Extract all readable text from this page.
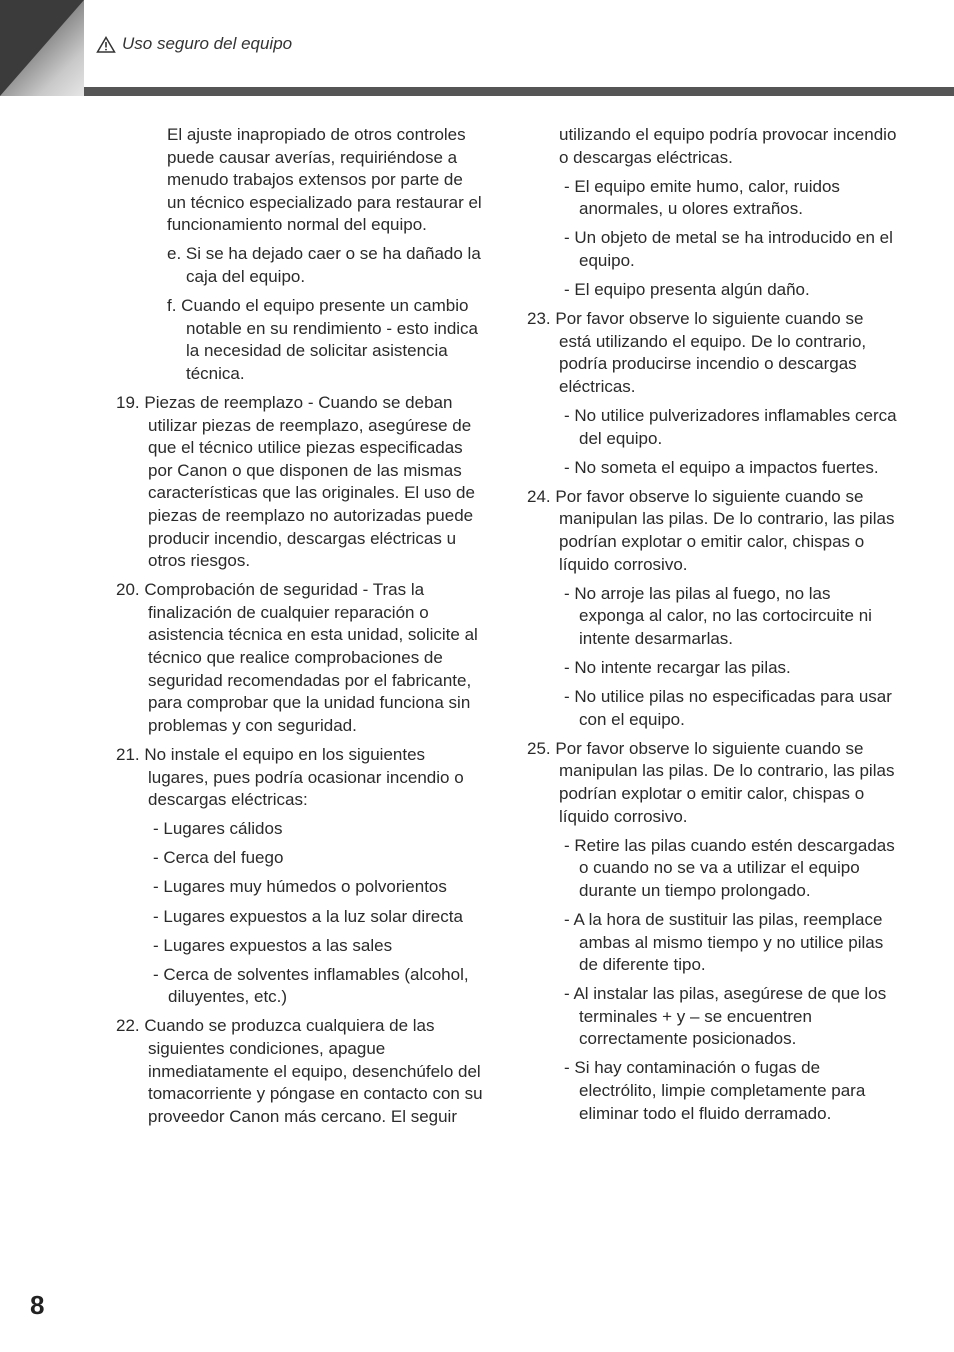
Uso seguro del equipo

El ajuste inapropiado de otros controles puede causar averías, requiriéndose a menudo trabajos extensos por parte de un técnico especializado para restaurar el funcionamiento normal del equipo.

e. Si se ha dejado caer o se ha dañado la caja del equipo.

f. Cuando el equipo presente un cambio notable en su rendimiento - esto indica la necesidad de solicitar asistencia técnica.

19. Piezas de reemplazo - Cuando se deban utilizar piezas de reemplazo, asegúrese de que el técnico utilice piezas especificadas por Canon o que disponen de las mismas características que las originales. El uso de piezas de reemplazo no autorizadas puede producir incendio, descargas eléctricas u otros riesgos.

20. Comprobación de seguridad - Tras la finalización de cualquier reparación o asistencia técnica en esta unidad, solicite al técnico que realice comprobaciones de seguridad recomendadas por el fabricante, para comprobar que la unidad funciona sin problemas y con seguridad.

21. No instale el equipo en los siguientes lugares, pues podría ocasionar incendio o descargas eléctricas:

- Lugares cálidos

- Cerca del fuego

- Lugares muy húmedos o polvorientos

- Lugares expuestos a la luz solar directa

- Lugares expuestos a las sales

- Cerca de solventes inflamables (alcohol, diluyentes, etc.)

22. Cuando se produzca cualquiera de las siguientes condiciones, apague inmediatamente el equipo, desenchúfelo del tomacorriente y póngase en contacto con su proveedor Canon más cercano. El seguir

utilizando el equipo podría provocar incendio o descargas eléctricas.

- El equipo emite humo, calor, ruidos anormales, u olores extraños.

- Un objeto de metal se ha introducido en el equipo.

- El equipo presenta algún daño.

23. Por favor observe lo siguiente cuando se está utilizando el equipo. De lo contrario, podría producirse incendio o descargas eléctricas.

- No utilice pulverizadores inflamables cerca del equipo.

- No someta el equipo a impactos fuertes.

24. Por favor observe lo siguiente cuando se manipulan las pilas. De lo contrario, las pilas podrían explotar o emitir calor, chispas o líquido corrosivo.

- No arroje las pilas al fuego, no las exponga al calor, no las cortocircuite ni intente desarmarlas.

- No intente recargar las pilas.

- No utilice pilas no especificadas para usar con el equipo.

25. Por favor observe lo siguiente cuando se manipulan las pilas. De lo contrario, las pilas podrían explotar o emitir calor, chispas o líquido corrosivo.

- Retire las pilas cuando estén descargadas o cuando no se va a utilizar el equipo durante un tiempo prolongado.

- A la hora de sustituir las pilas, reemplace ambas al mismo tiempo y no utilice pilas de diferente tipo.

- Al instalar las pilas, asegúrese de que los terminales + y – se encuentren correctamente posicionados.

- Si hay contaminación o fugas de electrólito, limpie completamente para eliminar todo el fluido derramado.

8
